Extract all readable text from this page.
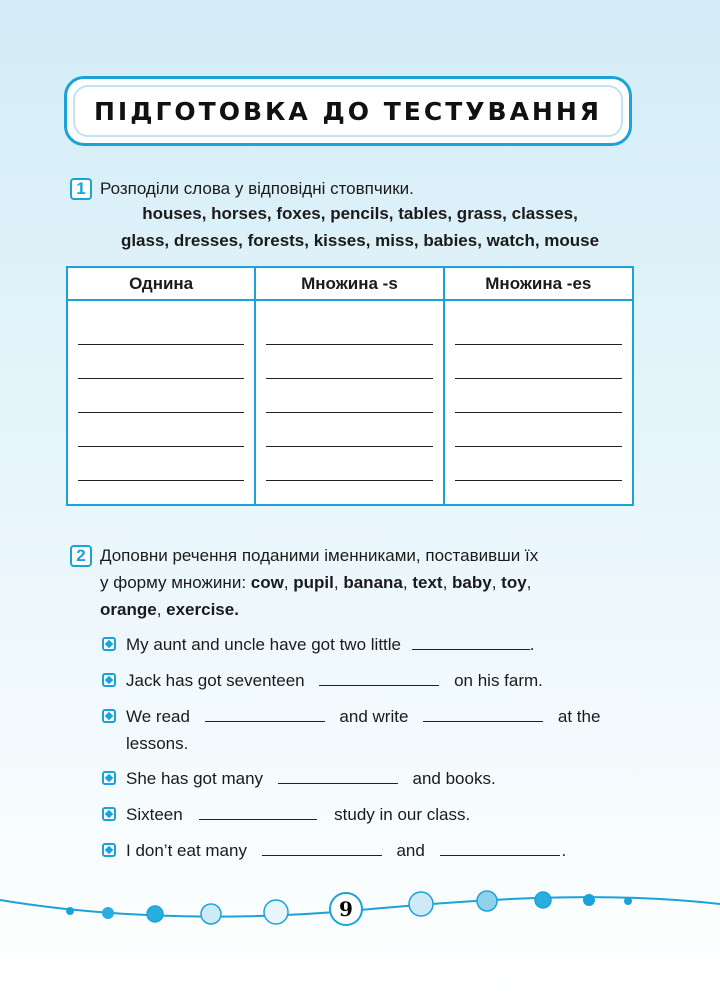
ПІДГОТОВКА ДО ТЕСТУВАННЯ
1 Розподіли слова у відповідні стовпчики.
houses, horses, foxes, pencils, tables, grass, classes,
glass, dresses, forests, kisses, miss, babies, watch, mouse
Однина	Множина -s	Множина -es

2 Доповни речення поданими іменниками, поставивши їх
у форму множини: cow, pupil, banana, text, baby, toy,
orange, exercise.
My aunt and uncle have got two little	.
Jack has got seventeen	on his farm.
We read	and write	at the
lessons.
She has got many	and books.
Sixteen	study in our class.
I don’t eat many	and	.
9
